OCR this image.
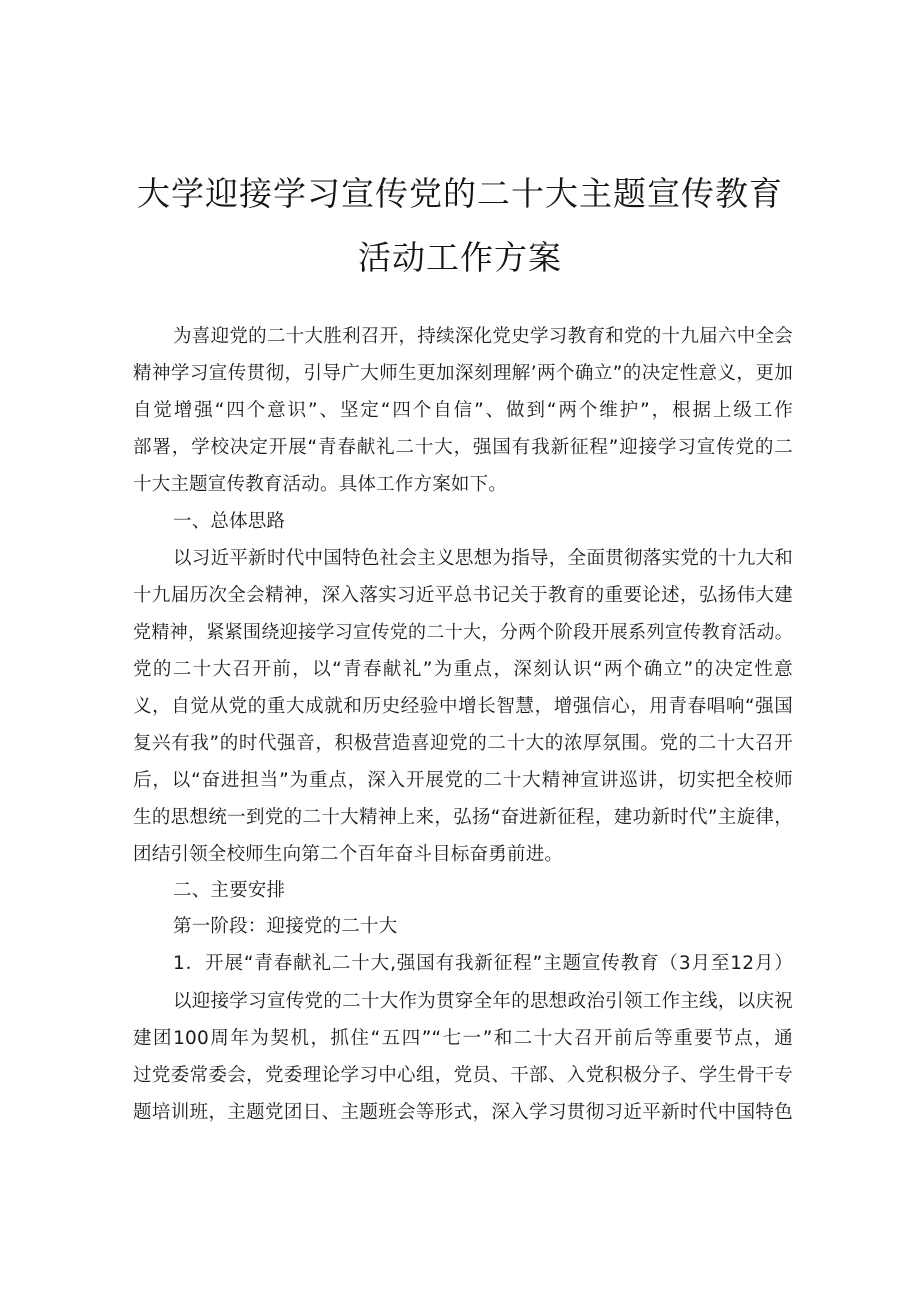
大学迎接学习宣传党的二十大主题宣传教育
活动工作方案

为喜迎党的二十大胜利召开，持续深化党史学习教育和党的十九届六中全会

精神学习宣传贯彻，引导广大师生更加深刻理解’两个确立”的决定性意义，更加

自觉增强“四个意识”、坚定“四个自信”、做到“两个维护”，根据上级工作

部署，学校决定开展“青春献礼二十大，强国有我新征程”迎接学习宣传党的二

十大主题宣传教育活动。具体工作方案如下。

一、总体思路

以习近平新时代中国特色社会主义思想为指导，全面贯彻落实党的十九大和

十九届历次全会精神，深入落实习近平总书记关于教育的重要论述，弘扬伟大建

党精神，紧紧围绕迎接学习宣传党的二十大，分两个阶段开展系列宣传教育活动。

党的二十大召开前，以“青春献礼”为重点，深刻认识“两个确立”的决定性意

义，自觉从党的重大成就和历史经验中增长智慧，增强信心，用青春唱响“强国

复兴有我”的时代强音，积极营造喜迎党的二十大的浓厚氛围。党的二十大召开

后，以“奋进担当”为重点，深入开展党的二十大精神宣讲巡讲，切实把全校师

生的思想统一到党的二十大精神上来，弘扬“奋进新征程，建功新时代”主旋律，

团结引领全校师生向第二个百年奋斗目标奋勇前进。

二、主要安排

第一阶段：迎接党的二十大

1．开展“青春献礼二十大,强国有我新征程”主题宣传教育（3月至12月）

以迎接学习宣传党的二十大作为贯穿全年的思想政治引领工作主线，以庆祝

建团100周年为契机，抓住“五四”“七一”和二十大召开前后等重要节点，通

过党委常委会，党委理论学习中心组，党员、干部、入党积极分子、学生骨干专

题培训班，主题党团日、主题班会等形式，深入学习贯彻习近平新时代中国特色
